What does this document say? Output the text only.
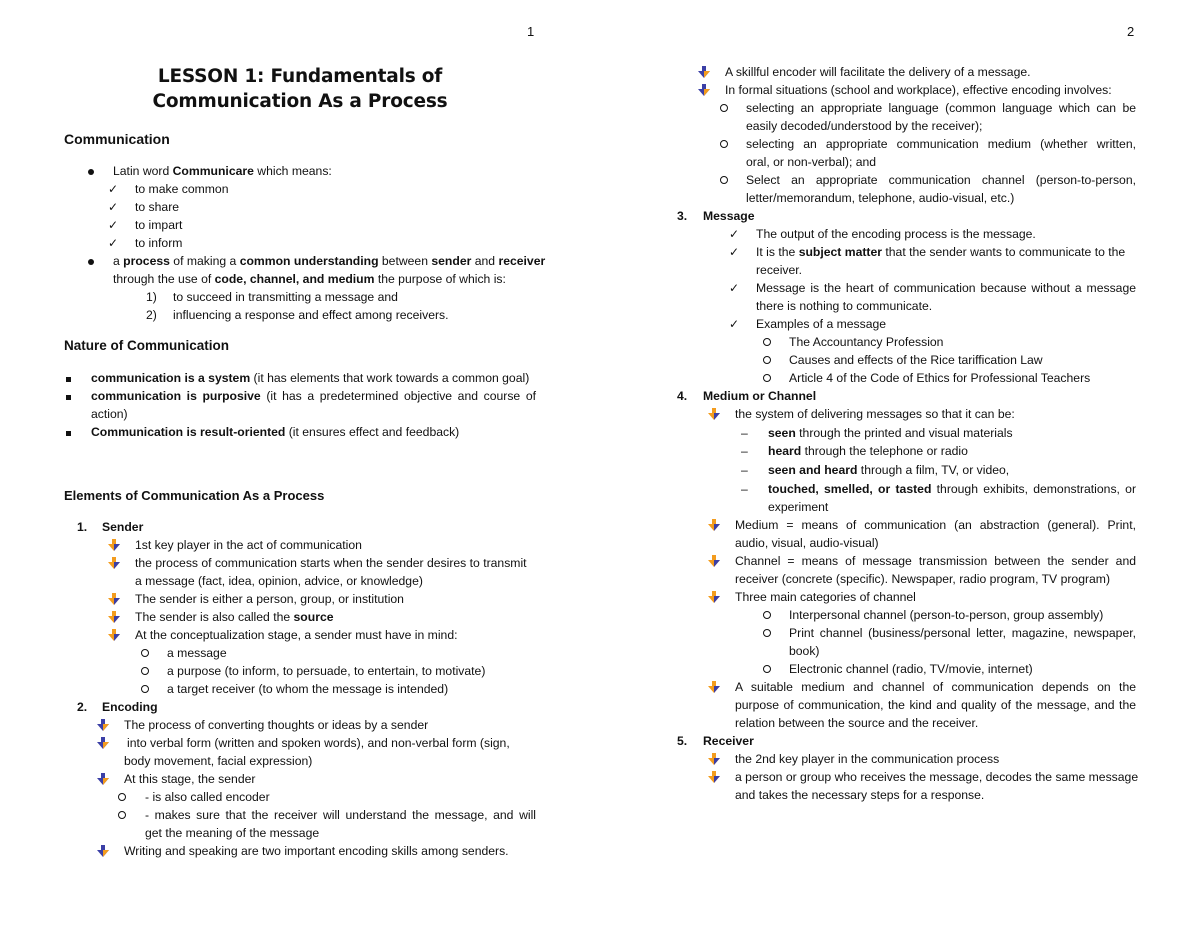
1
LESSON 1: Fundamentals of
Communication As a Process
Communication
Latin word Communicare which means:
✓ to make common
✓ to share
✓ to impart
✓ to inform
a process of making a common understanding between sender and receiver
through the use of code, channel, and medium the purpose of which is:
1) to succeed in transmitting a message and
2) influencing a response and effect among receivers.
Nature of Communication
communication is a system (it has elements that work towards a common goal)
communication is purposive (it has a predetermined objective and course of
action)
Communication is result-oriented (it ensures effect and feedback)
Elements of Communication As a Process
1. Sender
1st key player in the act of communication
the process of communication starts when the sender desires to transmit
a message (fact, idea, opinion, advice, or knowledge)
The sender is either a person, group, or institution
The sender is also called the source
At the conceptualization stage, a sender must have in mind:
a message
a purpose (to inform, to persuade, to entertain, to motivate)
a target receiver (to whom the message is intended)
2. Encoding
The process of converting thoughts or ideas by a sender
into verbal form (written and spoken words), and non-verbal form (sign,
body movement, facial expression)
At this stage, the sender
- is also called encoder
- makes sure that the receiver will understand the message, and will
get the meaning of the message
Writing and speaking are two important encoding skills among senders.
2
A skillful encoder will facilitate the delivery of a message.
In formal situations (school and workplace), effective encoding involves:
selecting an appropriate language (common language which can be
easily decoded/understood by the receiver);
selecting an appropriate communication medium (whether written,
oral, or non-verbal); and
Select an appropriate communication channel (person-to-person,
letter/memorandum, telephone, audio-visual, etc.)
3. Message
✓ The output of the encoding process is the message.
✓ It is the subject matter that the sender wants to communicate to the
receiver.
✓ Message is the heart of communication because without a message
there is nothing to communicate.
✓ Examples of a message
The Accountancy Profession
Causes and effects of the Rice tariffication Law
Article 4 of the Code of Ethics for Professional Teachers
4. Medium or Channel
the system of delivering messages so that it can be:
– seen through the printed and visual materials
– heard through the telephone or radio
– seen and heard through a film, TV, or video,
– touched, smelled, or tasted through exhibits, demonstrations, or
experiment
Medium = means of communication (an abstraction (general). Print,
audio, visual, audio-visual)
Channel = means of message transmission between the sender and
receiver (concrete (specific). Newspaper, radio program, TV program)
Three main categories of channel
Interpersonal channel (person-to-person, group assembly)
Print channel (business/personal letter, magazine, newspaper,
book)
Electronic channel (radio, TV/movie, internet)
A suitable medium and channel of communication depends on the
purpose of communication, the kind and quality of the message, and the
relation between the source and the receiver.
5. Receiver
the 2nd key player in the communication process
a person or group who receives the message, decodes the same message
and takes the necessary steps for a response.
